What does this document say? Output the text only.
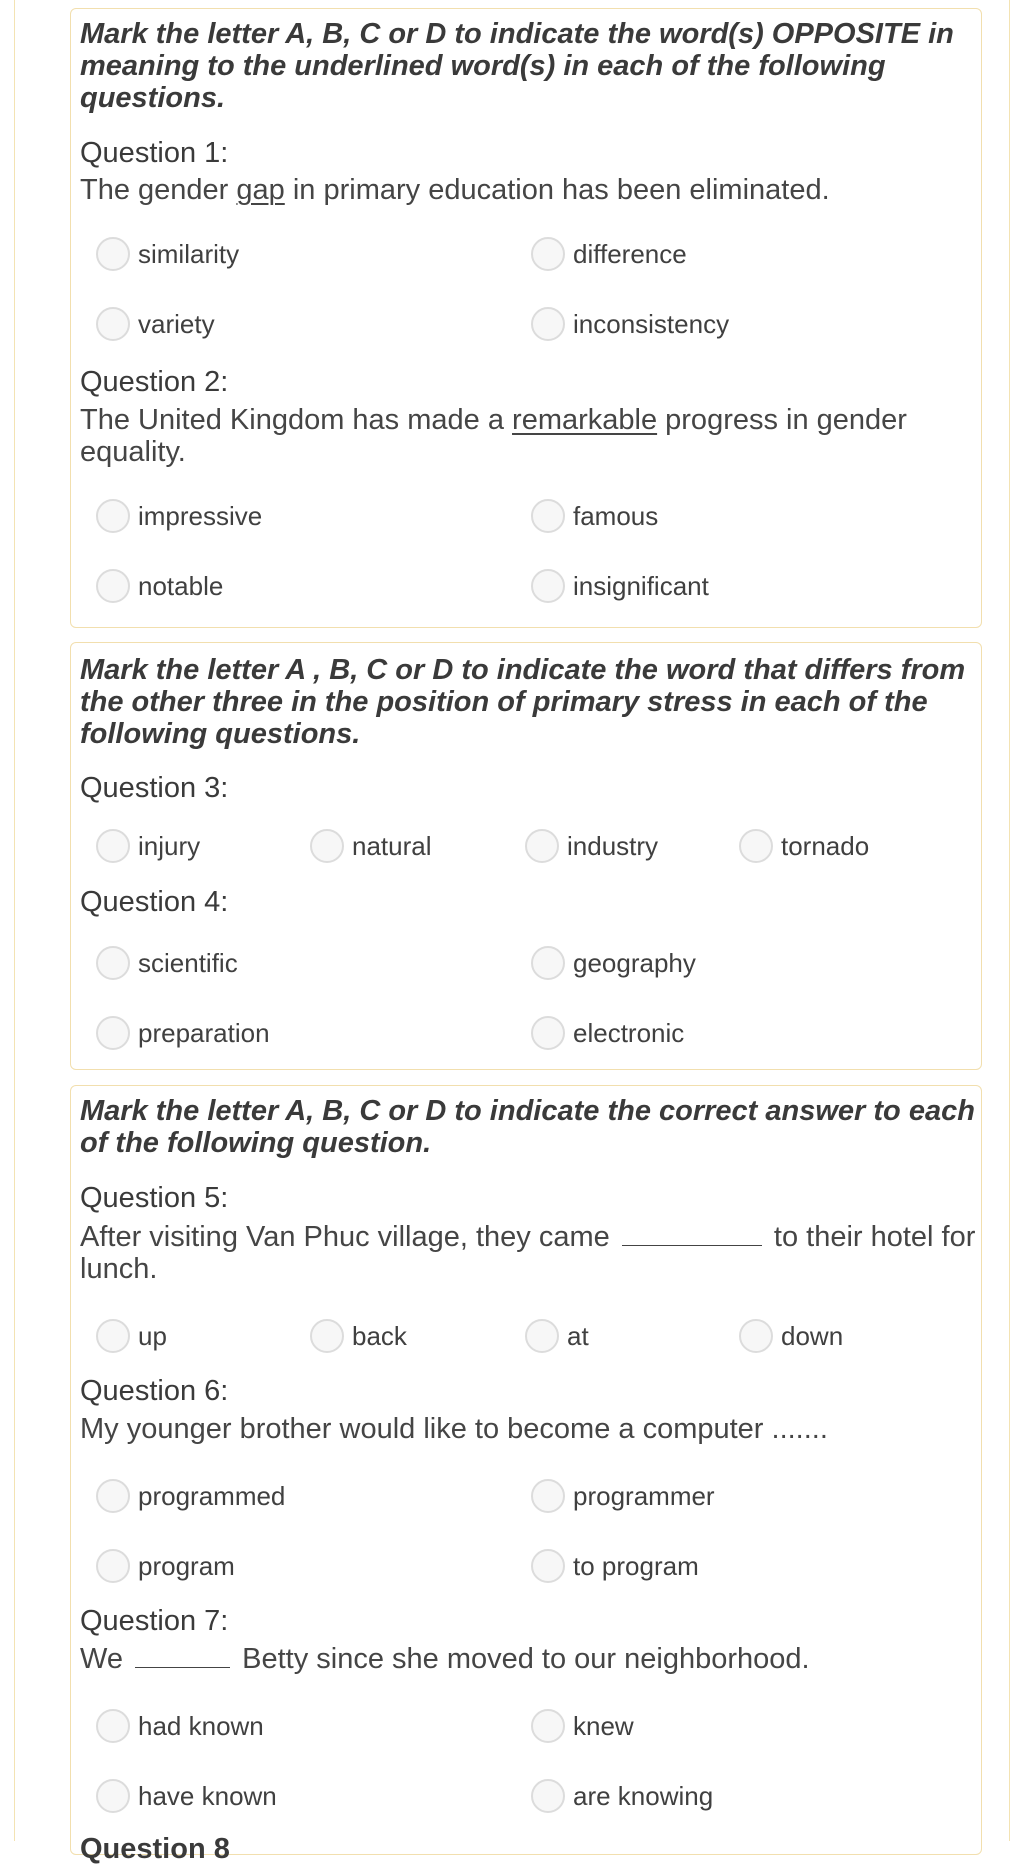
Mark the letter A, B, C or D to indicate the word(s) OPPOSITE in meaning to the underlined word(s) in each of the following questions.

Question 1:

The gender gap in primary education has been eliminated.

similarity	difference
variety	inconsistency

Question 2:

The United Kingdom has made a remarkable progress in gender equality.

impressive	famous
notable	insignificant

Mark the letter A , B, C or D to indicate the word that differs from the other three in the position of primary stress in each of the following questions.

Question 3:

injury	natural	industry	tornado

Question 4:

scientific	geography
preparation	electronic

Mark the letter A, B, C or D to indicate the correct answer to each of the following question.

Question 5:

After visiting Van Phuc village, they came	to their hotel for lunch.

up	back	at	down

Question 6:

My younger brother would like to become a computer .......

programmed	programmer
program	to program

Question 7:

We	Betty since she moved to our neighborhood.

had known	knew
have known	are knowing

Question 8
